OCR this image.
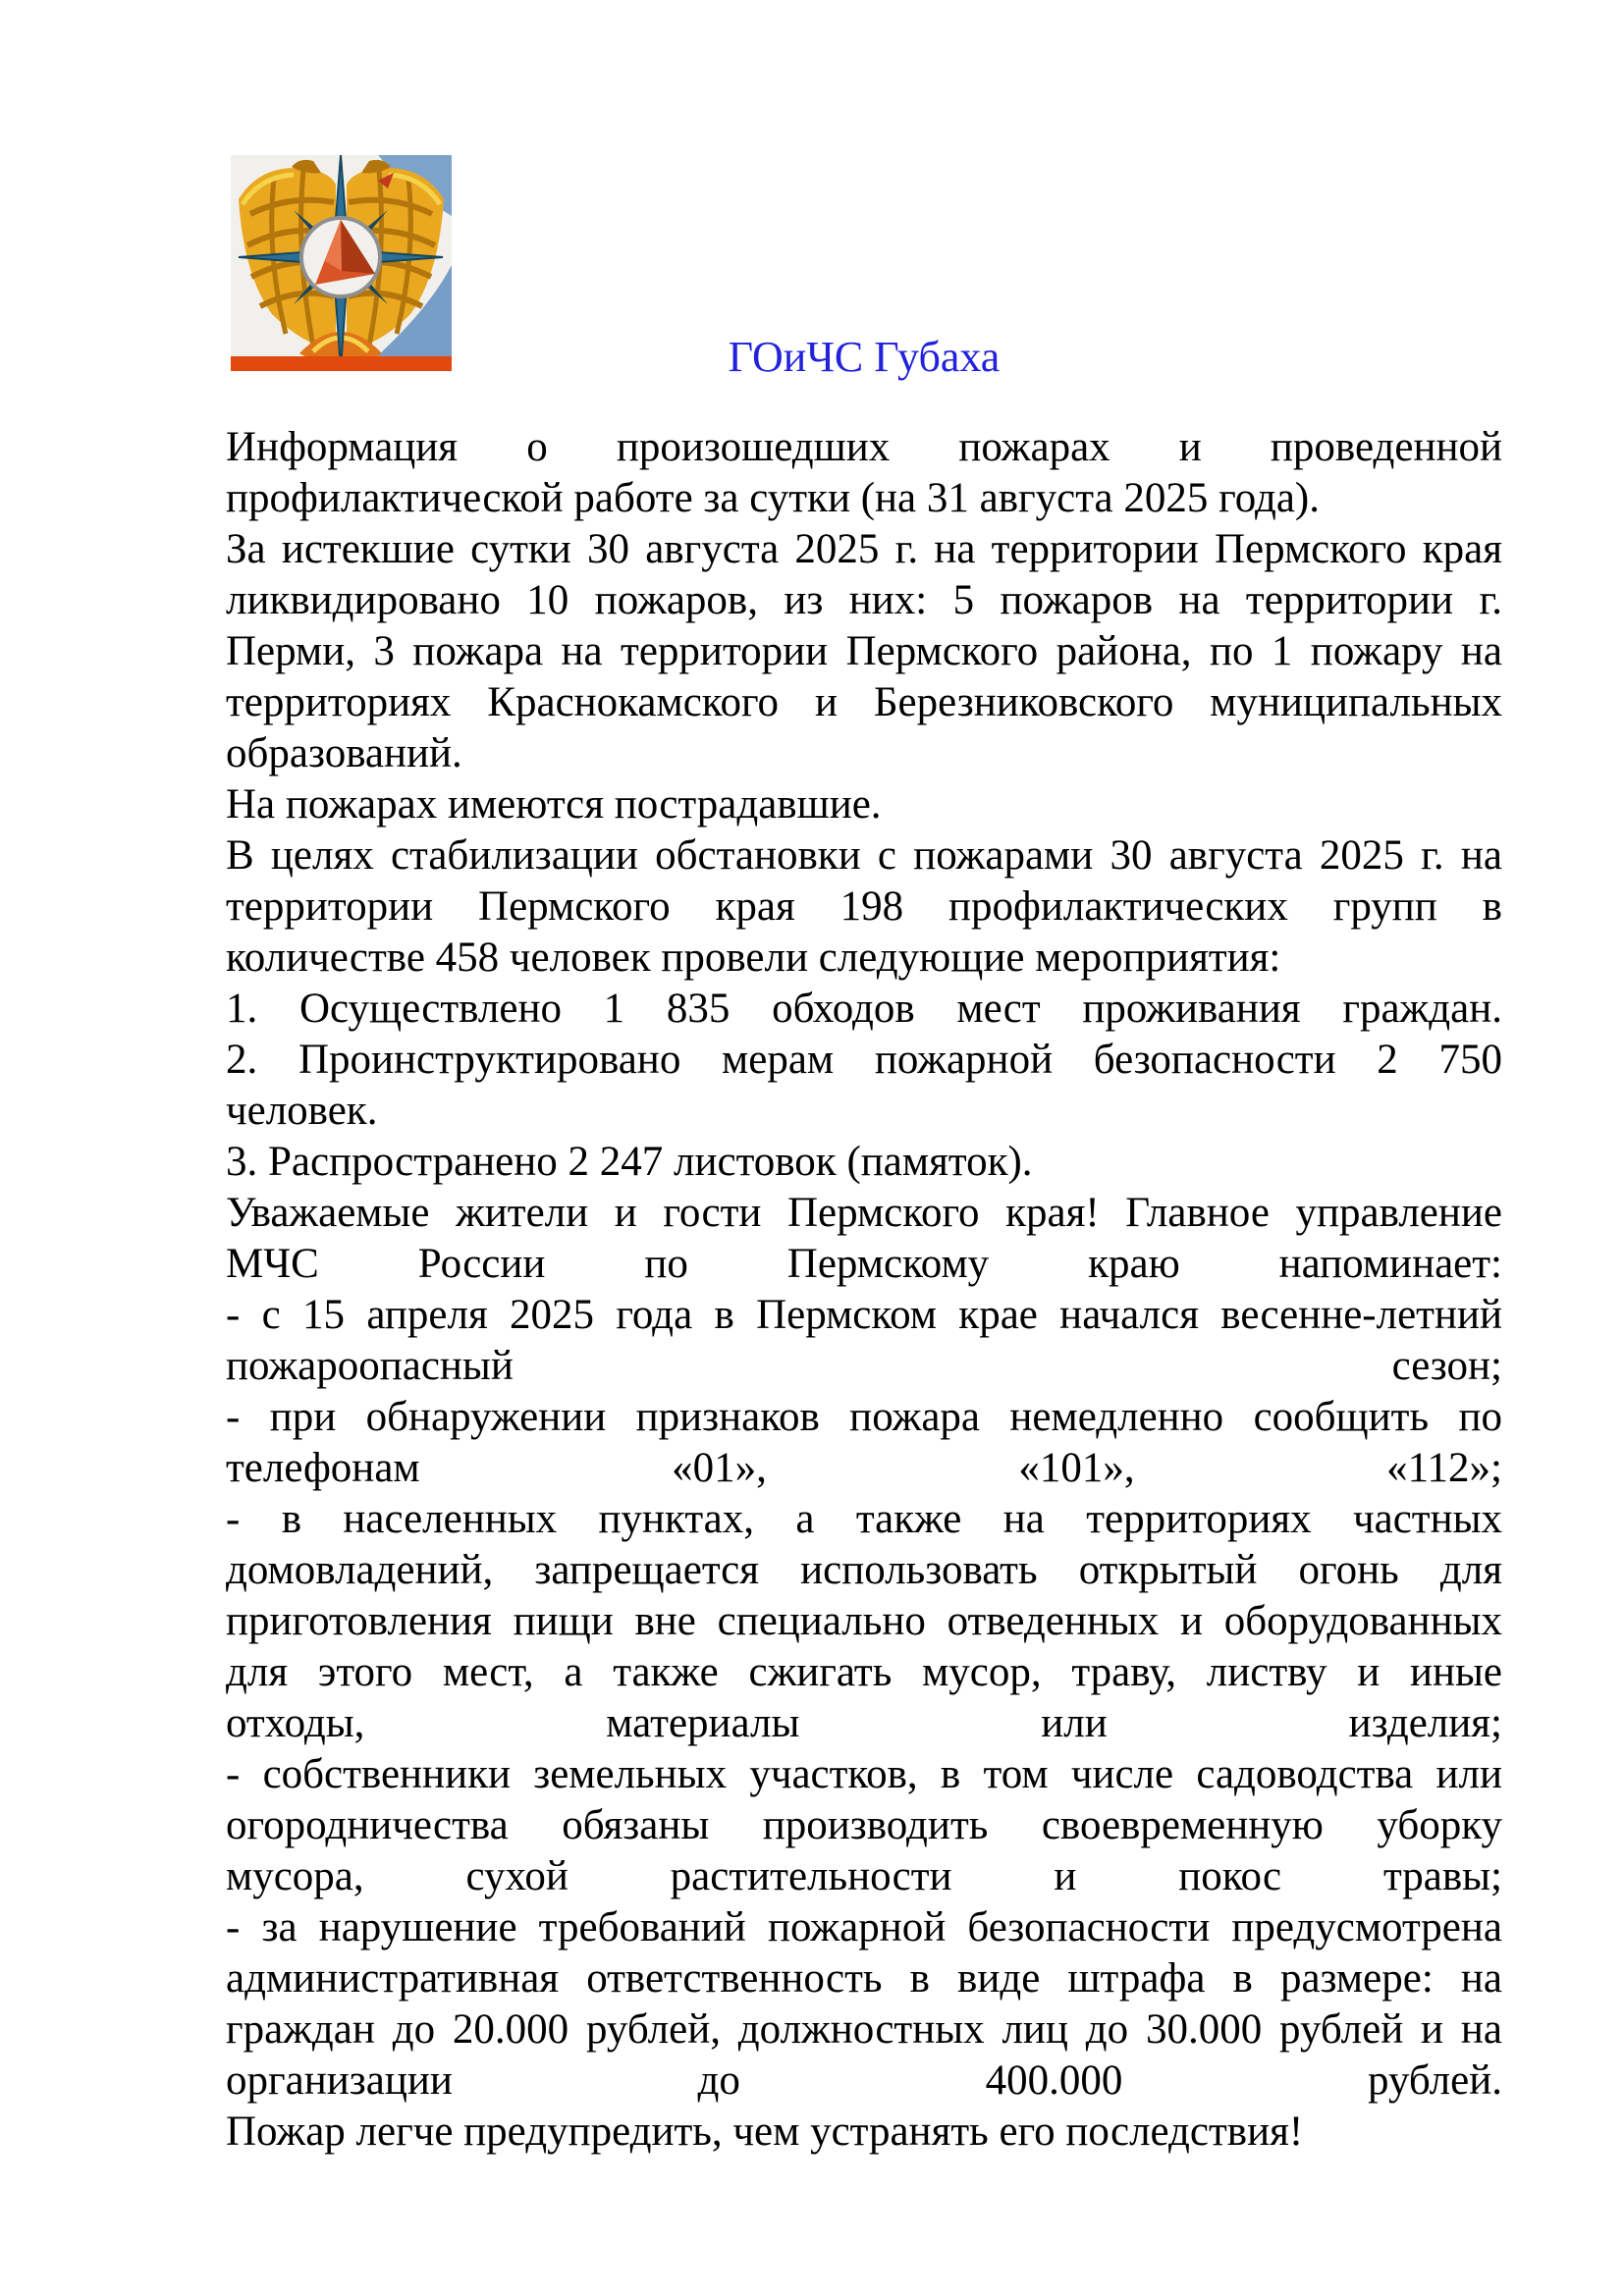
ГОиЧС Губаха
Информация о произошедших пожарах и проведенной
профилактической работе за сутки (на 31 августа 2025 года).
За истекшие сутки 30 августа 2025 г. на территории Пермского края
ликвидировано 10 пожаров, из них: 5 пожаров на территории г.
Перми, 3 пожара на территории Пермского района, по 1 пожару на
территориях Краснокамского и Березниковского муниципальных
образований.
На пожарах имеются пострадавшие.
В целях стабилизации обстановки с пожарами 30 августа 2025 г. на
территории Пермского края 198 профилактических групп в
количестве 458 человек провели следующие мероприятия:
1. Осуществлено 1 835 обходов мест проживания граждан.
2. Проинструктировано мерам пожарной безопасности 2 750
человек.
3. Распространено 2 247 листовок (памяток).
Уважаемые жители и гости Пермского края! Главное управление
МЧС России по Пермскому краю напоминает:
- с 15 апреля 2025 года в Пермском крае начался весенне-летний
пожароопасный сезон;
- при обнаружении признаков пожара немедленно сообщить по
телефонам «01», «101», «112»;
- в населенных пунктах, а также на территориях частных
домовладений, запрещается использовать открытый огонь для
приготовления пищи вне специально отведенных и оборудованных
для этого мест, а также сжигать мусор, траву, листву и иные
отходы, материалы или изделия;
- собственники земельных участков, в том числе садоводства или
огородничества обязаны производить своевременную уборку
мусора, сухой растительности и покос травы;
- за нарушение требований пожарной безопасности предусмотрена
административная ответственность в виде штрафа в размере: на
граждан до 20.000 рублей, должностных лиц до 30.000 рублей и на
организации до 400.000 рублей.
Пожар легче предупредить, чем устранять его последствия!
